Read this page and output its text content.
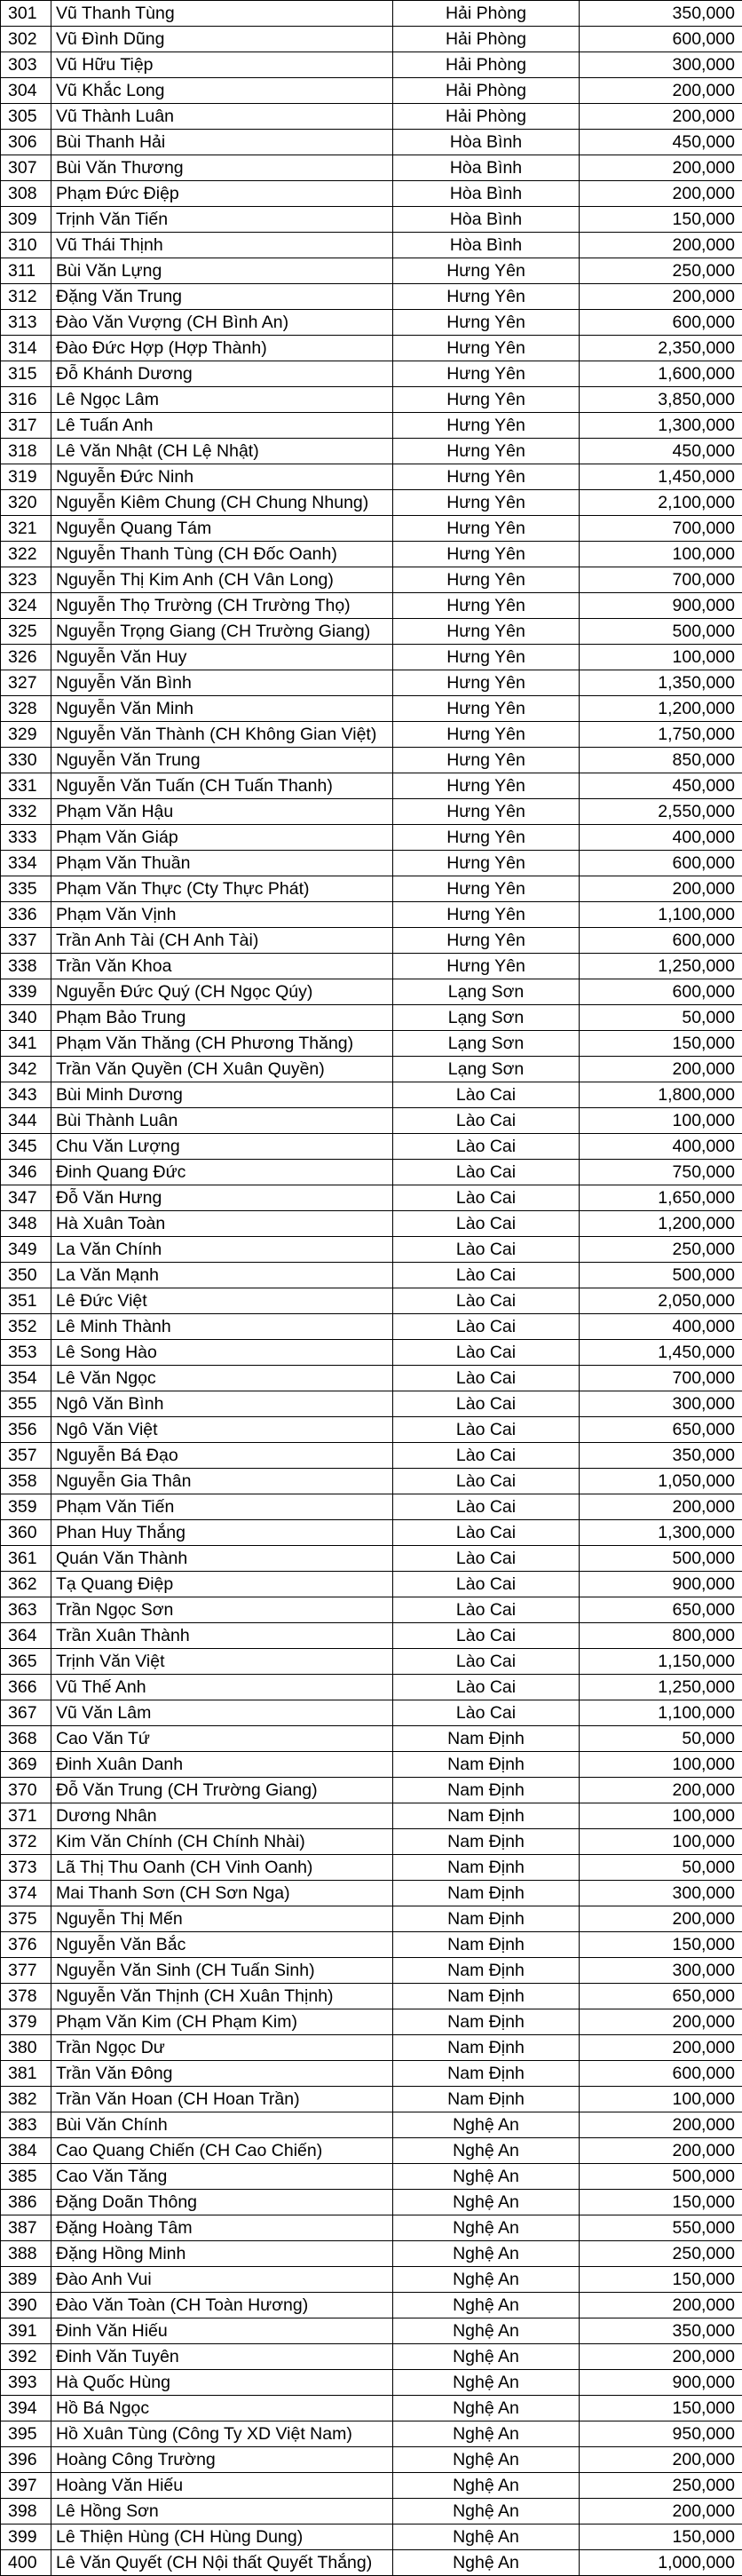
301	Vũ Thanh Tùng	Hải Phòng	350,000
302	Vũ Đình Dũng	Hải Phòng	600,000
303	Vũ Hữu Tiệp	Hải Phòng	300,000
304	Vũ Khắc Long	Hải Phòng	200,000
305	Vũ Thành Luân	Hải Phòng	200,000
306	Bùi Thanh Hải	Hòa Bình	450,000
307	Bùi Văn Thương	Hòa Bình	200,000
308	Phạm Đức Điệp	Hòa Bình	200,000
309	Trịnh Văn Tiến	Hòa Bình	150,000
310	Vũ Thái Thịnh	Hòa Bình	200,000
311	Bùi Văn Lựng	Hưng Yên	250,000
312	Đặng Văn Trung	Hưng Yên	200,000
313	Đào Văn Vượng (CH Bình An)	Hưng Yên	600,000
314	Đào Đức Hợp (Hợp Thành)	Hưng Yên	2,350,000
315	Đỗ Khánh Dương	Hưng Yên	1,600,000
316	Lê Ngọc Lâm	Hưng Yên	3,850,000
317	Lê Tuấn Anh	Hưng Yên	1,300,000
318	Lê Văn Nhật (CH Lệ Nhật)	Hưng Yên	450,000
319	Nguyễn Đức Ninh	Hưng Yên	1,450,000
320	Nguyễn Kiêm Chung (CH Chung Nhung)	Hưng Yên	2,100,000
321	Nguyễn Quang Tám	Hưng Yên	700,000
322	Nguyễn Thanh Tùng (CH Đốc Oanh)	Hưng Yên	100,000
323	Nguyễn Thị Kim Anh (CH Vân Long)	Hưng Yên	700,000
324	Nguyễn Thọ Trường (CH Trường Thọ)	Hưng Yên	900,000
325	Nguyễn Trọng Giang (CH Trường Giang)	Hưng Yên	500,000
326	Nguyễn Văn Huy	Hưng Yên	100,000
327	Nguyễn Văn Bình	Hưng Yên	1,350,000
328	Nguyễn Văn Minh	Hưng Yên	1,200,000
329	Nguyễn Văn Thành (CH Không Gian Việt)	Hưng Yên	1,750,000
330	Nguyễn Văn Trung	Hưng Yên	850,000
331	Nguyễn Văn Tuấn (CH Tuấn Thanh)	Hưng Yên	450,000
332	Phạm Văn Hậu	Hưng Yên	2,550,000
333	Phạm Văn Giáp	Hưng Yên	400,000
334	Phạm Văn Thuần	Hưng Yên	600,000
335	Phạm Văn Thực (Cty Thực Phát)	Hưng Yên	200,000
336	Phạm Văn Vịnh	Hưng Yên	1,100,000
337	Trần Anh Tài (CH Anh Tài)	Hưng Yên	600,000
338	Trần Văn Khoa	Hưng Yên	1,250,000
339	Nguyễn Đức Quý (CH Ngọc Qúy)	Lạng Sơn	600,000
340	Phạm Bảo Trung	Lạng Sơn	50,000
341	Phạm Văn Thăng (CH Phương Thăng)	Lạng Sơn	150,000
342	Trần Văn Quyền (CH Xuân Quyền)	Lạng Sơn	200,000
343	Bùi Minh Dương	Lào Cai	1,800,000
344	Bùi Thành Luân	Lào Cai	100,000
345	Chu Văn Lượng	Lào Cai	400,000
346	Đinh Quang Đức	Lào Cai	750,000
347	Đỗ Văn Hưng	Lào Cai	1,650,000
348	Hà Xuân Toàn	Lào Cai	1,200,000
349	La Văn Chính	Lào Cai	250,000
350	La Văn Mạnh	Lào Cai	500,000
351	Lê Đức Việt	Lào Cai	2,050,000
352	Lê Minh Thành	Lào Cai	400,000
353	Lê Song Hào	Lào Cai	1,450,000
354	Lê Văn Ngọc	Lào Cai	700,000
355	Ngô Văn Bình	Lào Cai	300,000
356	Ngô Văn Việt	Lào Cai	650,000
357	Nguyễn Bá Đạo	Lào Cai	350,000
358	Nguyễn Gia Thân	Lào Cai	1,050,000
359	Phạm Văn Tiến	Lào Cai	200,000
360	Phan Huy Thắng	Lào Cai	1,300,000
361	Quán Văn Thành	Lào Cai	500,000
362	Tạ Quang Điệp	Lào Cai	900,000
363	Trần Ngọc Sơn	Lào Cai	650,000
364	Trần Xuân Thành	Lào Cai	800,000
365	Trịnh Văn Việt	Lào Cai	1,150,000
366	Vũ Thế Anh	Lào Cai	1,250,000
367	Vũ Văn Lâm	Lào Cai	1,100,000
368	Cao Văn Tứ	Nam Định	50,000
369	Đinh Xuân Danh	Nam Định	100,000
370	Đỗ Văn Trung (CH Trường Giang)	Nam Định	200,000
371	Dương Nhân	Nam Định	100,000
372	Kim Văn Chính (CH Chính Nhài)	Nam Định	100,000
373	Lã Thị Thu Oanh (CH Vinh Oanh)	Nam Định	50,000
374	Mai Thanh Sơn (CH Sơn Nga)	Nam Định	300,000
375	Nguyễn Thị Mến	Nam Định	200,000
376	Nguyễn Văn Bắc	Nam Định	150,000
377	Nguyễn Văn Sinh (CH Tuấn Sinh)	Nam Định	300,000
378	Nguyễn Văn Thịnh (CH Xuân Thịnh)	Nam Định	650,000
379	Phạm Văn Kim (CH Phạm Kim)	Nam Định	200,000
380	Trần Ngọc Dư	Nam Định	200,000
381	Trần Văn Đông	Nam Định	600,000
382	Trần Văn Hoan (CH Hoan Trần)	Nam Định	100,000
383	Bùi Văn Chính	Nghệ An	200,000
384	Cao Quang Chiến (CH Cao Chiến)	Nghệ An	200,000
385	Cao Văn Tăng	Nghệ An	500,000
386	Đặng Doãn Thông	Nghệ An	150,000
387	Đặng Hoàng Tâm	Nghệ An	550,000
388	Đặng Hồng Minh	Nghệ An	250,000
389	Đào Anh Vui	Nghệ An	150,000
390	Đào Văn Toàn (CH Toàn Hương)	Nghệ An	200,000
391	Đinh Văn Hiếu	Nghệ An	350,000
392	Đinh Văn Tuyên	Nghệ An	200,000
393	Hà Quốc Hùng	Nghệ An	900,000
394	Hồ Bá Ngọc	Nghệ An	150,000
395	Hồ Xuân Tùng (Công Ty XD Việt Nam)	Nghệ An	950,000
396	Hoàng Công Trường	Nghệ An	200,000
397	Hoàng Văn Hiếu	Nghệ An	250,000
398	Lê Hồng Sơn	Nghệ An	200,000
399	Lê Thiện Hùng (CH Hùng Dung)	Nghệ An	150,000
400	Lê Văn Quyết (CH Nội thất Quyết Thắng)	Nghệ An	1,000,000
